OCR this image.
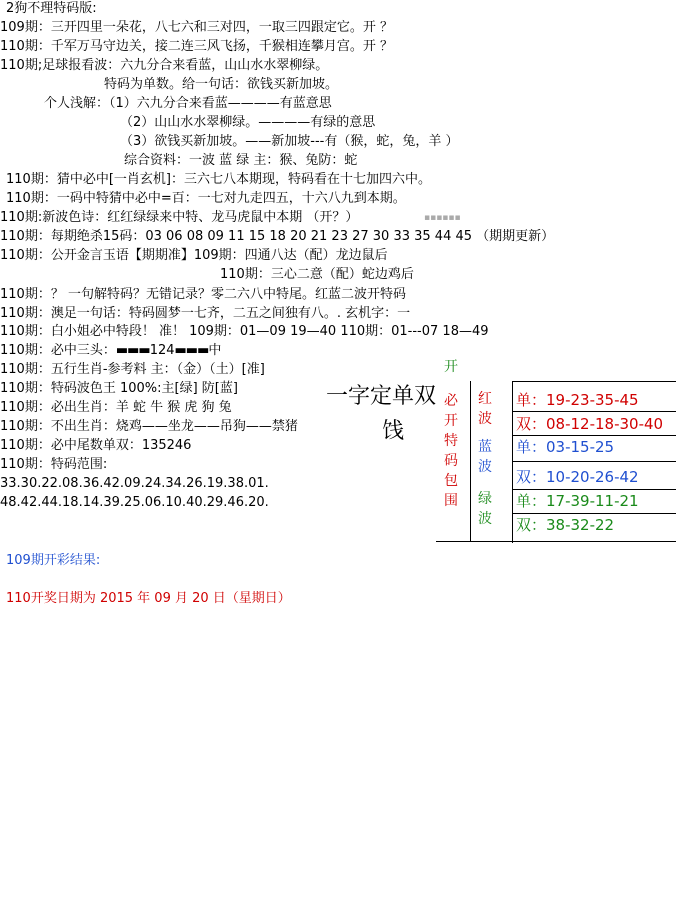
2狗不理特码版:
109期：三开四里一朵花，八七六和三对四，一取三四跟定它。开 ？
110期：千军万马守边关，接二连三风飞扬，千猴相连攀月宫。开 ？
110期;足球报看波：六九分合来看蓝，山山水水翠柳绿。
特码为单数。给一句话：欲钱买新加坡。
个人浅解：（1）六九分合来看蓝————有蓝意思
（2）山山水水翠柳绿。————有绿的意思
（3）欲钱买新加坡。——新加坡---有（猴，蛇，兔，羊 ）
综合资料：一波 蓝 绿 主：猴、兔防：蛇
110期：猜中必中[一肖玄机]：三六七八本期现，特码看在十七加四六中。
110期：一码中特猜中必中=百：一七对九走四五，十六八九到本期。
110期:新波色诗：红红绿绿来中特、龙马虎鼠中本期 （开？）	▪▪▪▪▪▪
110期：每期绝杀15码：03 06 08 09 11 15 18 20 21 23 27 30 33 35 44 45 （期期更新）
110期：公开金言玉语【期期准】109期：四通八达（配）龙边鼠后
110期：三心二意（配）蛇边鸡后
110期：？ 一句解特码？无错记录？零二六八中特尾。红蓝二波开特码
110期：澳足一句话：特码圆梦一七齐，二五之间独有八。. 玄机字：一
110期：白小姐必中特段！ 准！ 109期：01—09 19—40 110期：01---07 18—49
110期：必中三头：▬▬▬124▬▬▬中
110期：五行生肖-参考料 主：（金）（土）[准]
110期：特码波色王 100%:主[绿] 防[蓝]
110期：必出生肖：羊 蛇 牛 猴 虎 狗 兔
110期：不出生肖：烧鸡——坐龙——吊狗——禁猪
110期：必中尾数单双：135246
110期：特码范围:
33.30.22.08.36.42.09.24.34.26.19.38.01.
48.42.44.18.14.39.25.06.10.40.29.46.20.
一字定单双
饯
开
必
开
特
码
包
围
红
波
蓝
波
绿
波
单：19-23-35-45
双：08-12-18-30-40
单：03-15-25
双：10-20-26-42
单：17-39-11-21
双：38-32-22
109期开彩结果:
110开奖日期为 2015 年 09 月 20 日（星期日）
